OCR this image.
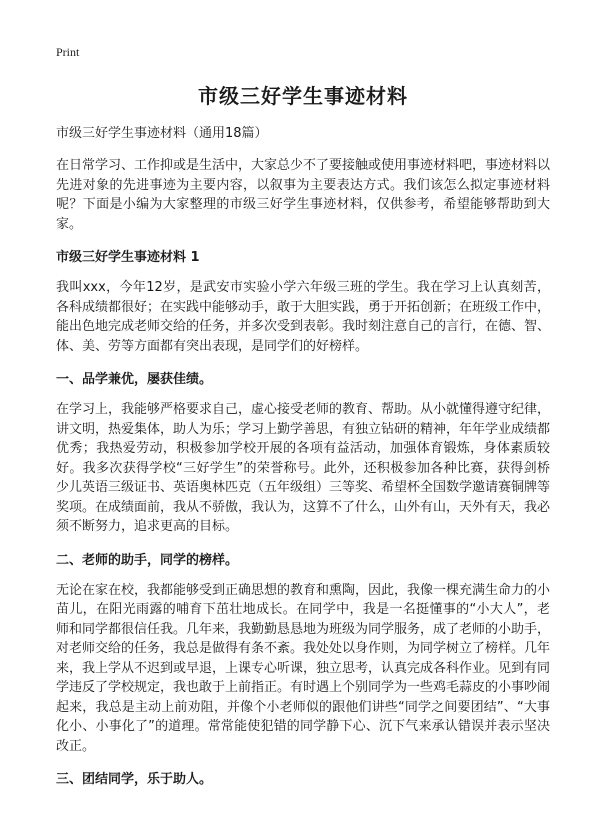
Print
市级三好学生事迹材料
市级三好学生事迹材料（通用18篇）
在日常学习、工作抑或是生活中，大家总少不了要接触或使用事迹材料吧，事迹材料以先进对象的先进事迹为主要内容，以叙事为主要表达方式。我们该怎么拟定事迹材料呢？下面是小编为大家整理的市级三好学生事迹材料，仅供参考，希望能够帮助到大家。
市级三好学生事迹材料 1
我叫xxx，今年12岁，是武安市实验小学六年级三班的学生。我在学习上认真刻苦，各科成绩都很好；在实践中能够动手，敢于大胆实践，勇于开拓创新；在班级工作中，能出色地完成老师交给的任务，并多次受到表彰。我时刻注意自己的言行，在德、智、体、美、劳等方面都有突出表现，是同学们的好榜样。
一、品学兼优，屡获佳绩。
在学习上，我能够严格要求自己，虚心接受老师的教育、帮助。从小就懂得遵守纪律，讲文明，热爱集体，助人为乐；学习上勤学善思，有独立钻研的精神，年年学业成绩都优秀；我热爱劳动，积极参加学校开展的各项有益活动，加强体育锻炼，身体素质较好。我多次获得学校“三好学生”的荣誉称号。此外，还积极参加各种比赛，获得剑桥少儿英语三级证书、英语奥林匹克（五年级组）三等奖、希望杯全国数学邀请赛铜牌等奖项。在成绩面前，我从不骄傲，我认为，这算不了什么，山外有山，天外有天，我必须不断努力，追求更高的目标。
二、老师的助手，同学的榜样。
无论在家在校，我都能够受到正确思想的教育和熏陶，因此，我像一棵充满生命力的小苗儿，在阳光雨露的哺育下茁壮地成长。在同学中，我是一名挺懂事的“小大人”，老师和同学都很信任我。几年来，我勤勤恳恳地为班级为同学服务，成了老师的小助手，对老师交给的任务，我总是做得有条不紊。我处处以身作则，为同学树立了榜样。几年来，我上学从不迟到或早退，上课专心听课，独立思考，认真完成各科作业。见到有同学违反了学校规定，我也敢于上前指正。有时遇上个别同学为一些鸡毛蒜皮的小事吵闹起来，我总是主动上前劝阻，并像个小老师似的跟他们讲些“同学之间要团结”、“大事化小、小事化了”的道理。常常能使犯错的同学静下心、沉下气来承认错误并表示坚决改正。
三、团结同学，乐于助人。
